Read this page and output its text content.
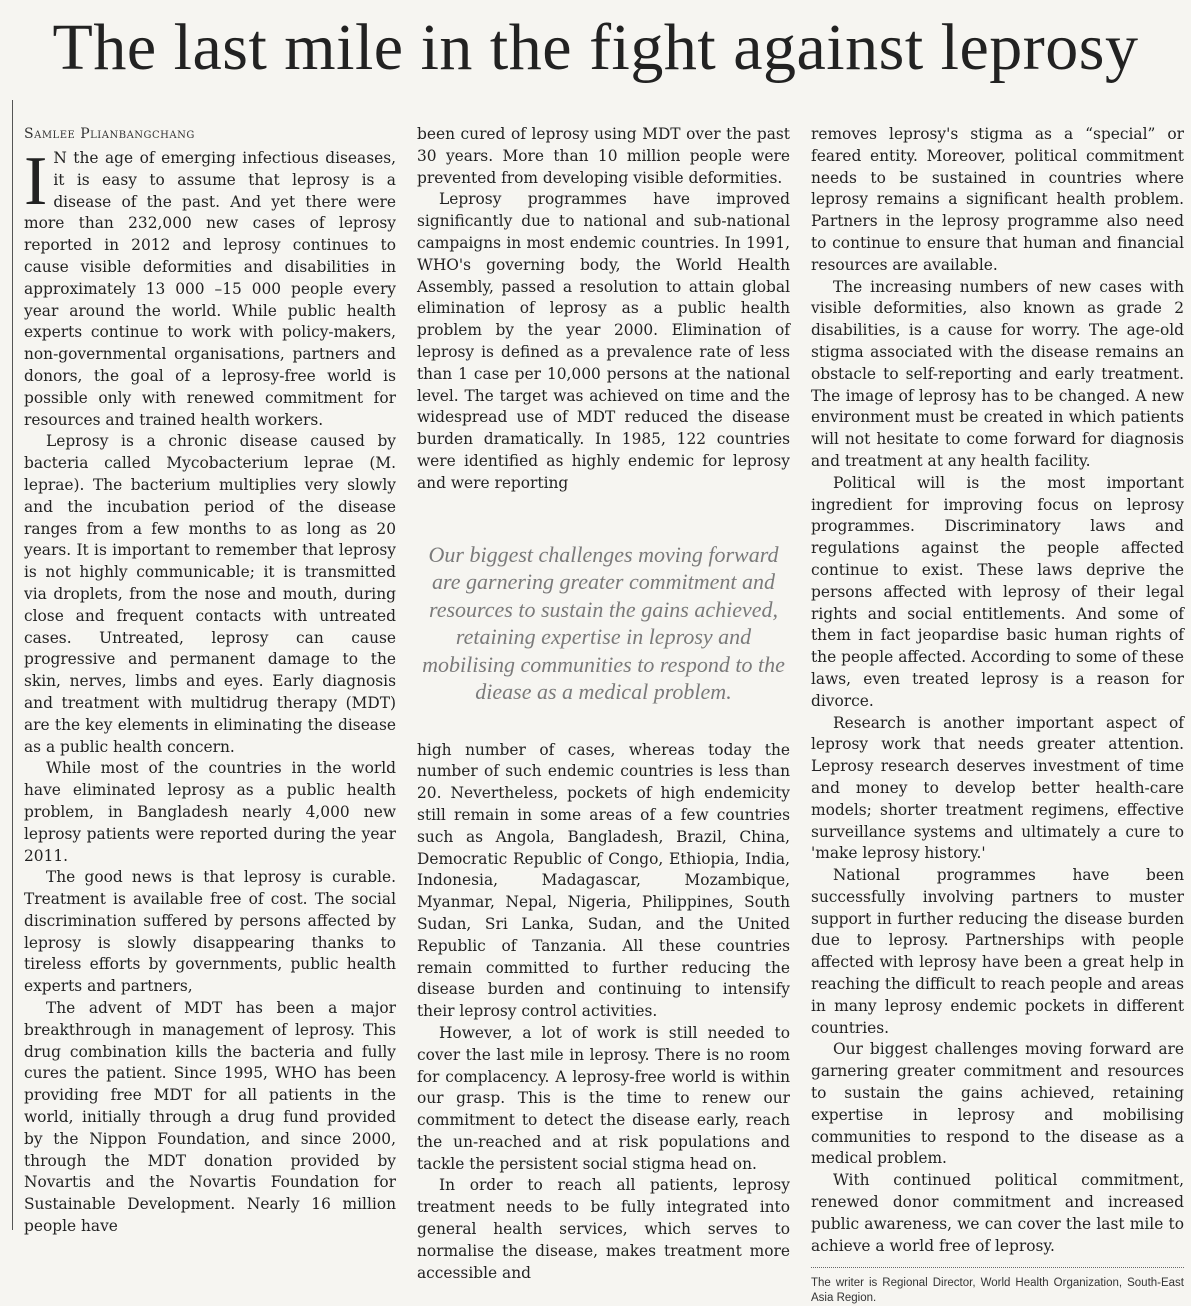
The last mile in the fight against leprosy
Samlee Plianbangchang

I N the age of emerging infectious diseases, it is easy to assume that leprosy is a disease of the past. And yet there were more than 232,000 new cases of leprosy reported in 2012 and leprosy continues to cause visible deformities and disabilities in approximately 13 000 –15 000 people every year around the world. While public health experts continue to work with policy-makers, non-governmental organisations, partners and donors, the goal of a leprosy-free world is possible only with renewed commitment for resources and trained health workers.

Leprosy is a chronic disease caused by bacteria called Mycobacterium leprae (M. leprae). The bacterium multiplies very slowly and the incubation period of the disease ranges from a few months to as long as 20 years. It is important to remember that leprosy is not highly communicable; it is transmitted via droplets, from the nose and mouth, during close and frequent contacts with untreated cases. Untreated, leprosy can cause progressive and permanent damage to the skin, nerves, limbs and eyes. Early diagnosis and treatment with multidrug therapy (MDT) are the key elements in eliminating the disease as a public health concern.

While most of the countries in the world have eliminated leprosy as a public health problem, in Bangladesh nearly 4,000 new leprosy patients were reported during the year 2011.

The good news is that leprosy is curable. Treatment is available free of cost. The social discrimination suffered by persons affected by leprosy is slowly disappearing thanks to tireless efforts by governments, public health experts and partners,

The advent of MDT has been a major breakthrough in management of leprosy. This drug combination kills the bacteria and fully cures the patient. Since 1995, WHO has been providing free MDT for all patients in the world, initially through a drug fund provided by the Nippon Foundation, and since 2000, through the MDT donation provided by Novartis and the Novartis Foundation for Sustainable Development. Nearly 16 million people have

been cured of leprosy using MDT over the past 30 years. More than 10 million people were prevented from developing visible deformities.

Leprosy programmes have improved significantly due to national and sub-national campaigns in most endemic countries. In 1991, WHO's governing body, the World Health Assembly, passed a resolution to attain global elimination of leprosy as a public health problem by the year 2000. Elimination of leprosy is defined as a prevalence rate of less than 1 case per 10,000 persons at the national level. The target was achieved on time and the widespread use of MDT reduced the disease burden dramatically. In 1985, 122 countries were identified as highly endemic for leprosy and were reporting

Our biggest challenges moving forward are garnering greater commitment and resources to sustain the gains achieved, retaining expertise in leprosy and mobilising communities to respond to the diease as a medical problem.

high number of cases, whereas today the number of such endemic countries is less than 20. Nevertheless, pockets of high endemicity still remain in some areas of a few countries such as Angola, Bangladesh, Brazil, China, Democratic Republic of Congo, Ethiopia, India, Indonesia, Madagascar, Mozambique, Myanmar, Nepal, Nigeria, Philippines, South Sudan, Sri Lanka, Sudan, and the United Republic of Tanzania. All these countries remain committed to further reducing the disease burden and continuing to intensify their leprosy control activities.

However, a lot of work is still needed to cover the last mile in leprosy. There is no room for complacency. A leprosy-free world is within our grasp. This is the time to renew our commitment to detect the disease early, reach the un-reached and at risk populations and tackle the persistent social stigma head on.

In order to reach all patients, leprosy treatment needs to be fully integrated into general health services, which serves to normalise the disease, makes treatment more accessible and

removes leprosy's stigma as a “special” or feared entity. Moreover, political commitment needs to be sustained in countries where leprosy remains a significant health problem. Partners in the leprosy programme also need to continue to ensure that human and financial resources are available.

The increasing numbers of new cases with visible deformities, also known as grade 2 disabilities, is a cause for worry. The age-old stigma associated with the disease remains an obstacle to self-reporting and early treatment. The image of leprosy has to be changed. A new environment must be created in which patients will not hesitate to come forward for diagnosis and treatment at any health facility.

Political will is the most important ingredient for improving focus on leprosy programmes. Discriminatory laws and regulations against the people affected continue to exist. These laws deprive the persons affected with leprosy of their legal rights and social entitlements. And some of them in fact jeopardise basic human rights of the people affected. According to some of these laws, even treated leprosy is a reason for divorce.

Research is another important aspect of leprosy work that needs greater attention. Leprosy research deserves investment of time and money to develop better health-care models; shorter treatment regimens, effective surveillance systems and ultimately a cure to 'make leprosy history.'

National programmes have been successfully involving partners to muster support in further reducing the disease burden due to leprosy. Partnerships with people affected with leprosy have been a great help in reaching the difficult to reach people and areas in many leprosy endemic pockets in different countries.

Our biggest challenges moving forward are garnering greater commitment and resources to sustain the gains achieved, retaining expertise in leprosy and mobilising communities to respond to the disease as a medical problem.

With continued political commitment, renewed donor commitment and increased public awareness, we can cover the last mile to achieve a world free of leprosy.

The writer is Regional Director, World Health Organization, South-East Asia Region.
